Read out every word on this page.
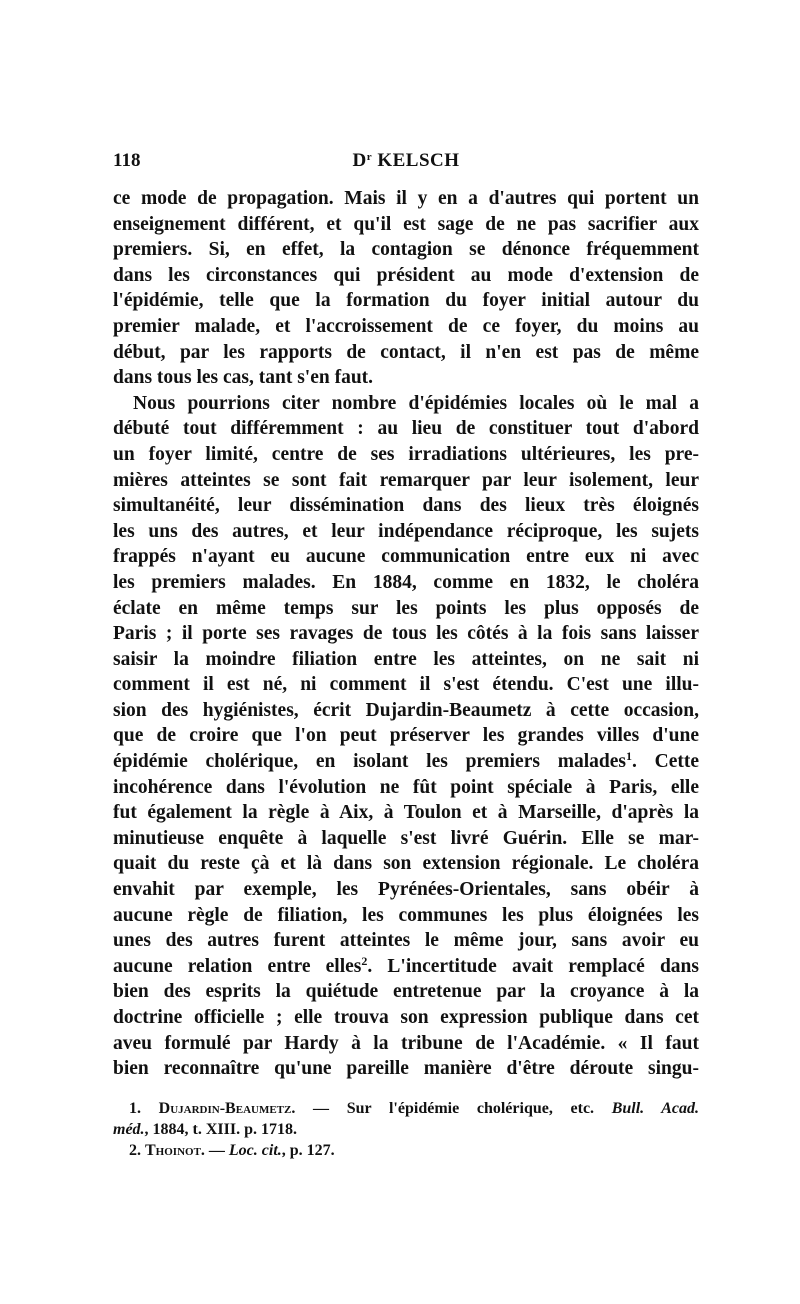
118	$D^r$ KELSCH
ce mode de propagation. Mais il y en a d'autres qui portent un
enseignement différent, et qu'il est sage de ne pas sacrifier aux
premiers. Si, en effet, la contagion se dénonce fréquemment
dans les circonstances qui président au mode d'extension de
l'épidémie, telle que la formation du foyer initial autour du
premier malade, et l'accroissement de ce foyer, du moins au
début, par les rapports de contact, il n'en est pas de même
dans tous les cas, tant s'en faut.
Nous pourrions citer nombre d'épidémies locales où le mal a
débuté tout différemment : au lieu de constituer tout d'abord
un foyer limité, centre de ses irradiations ultérieures, les pre-
mières atteintes se sont fait remarquer par leur isolement, leur
simultanéité, leur dissémination dans des lieux très éloignés
les uns des autres, et leur indépendance réciproque, les sujets
frappés n'ayant eu aucune communication entre eux ni avec
les premiers malades. En 1884, comme en 1832, le choléra
éclate en même temps sur les points les plus opposés de
Paris ; il porte ses ravages de tous les côtés à la fois sans laisser
saisir la moindre filiation entre les atteintes, on ne sait ni
comment il est né, ni comment il s'est étendu. C'est une illu-
sion des hygiénistes, écrit Dujardin-Beaumetz à cette occasion,
que de croire que l'on peut préserver les grandes villes d'une
épidémie cholérique, en isolant les premiers malades$^1$. Cette
incohérence dans l'évolution ne fût point spéciale à Paris, elle
fut également la règle à Aix, à Toulon et à Marseille, d'après la
minutieuse enquête à laquelle s'est livré Guérin. Elle se mar-
quait du reste çà et là dans son extension régionale. Le choléra
envahit par exemple, les Pyrénées-Orientales, sans obéir à
aucune règle de filiation, les communes les plus éloignées les
unes des autres furent atteintes le même jour, sans avoir eu
aucune relation entre elles$^2$. L'incertitude avait remplacé dans
bien des esprits la quiétude entretenue par la croyance à la
doctrine officielle ; elle trouva son expression publique dans cet
aveu formulé par Hardy à la tribune de l'Académie. « Il faut
bien reconnaître qu'une pareille manière d'être déroute singu-
1. Dujardin-Beaumetz. — Sur l'épidémie cholérique, etc. Bull. Acad.
méd., 1884, t. XIII. p. 1718.
2. Thoinot. — Loc. cit., p. 127.
